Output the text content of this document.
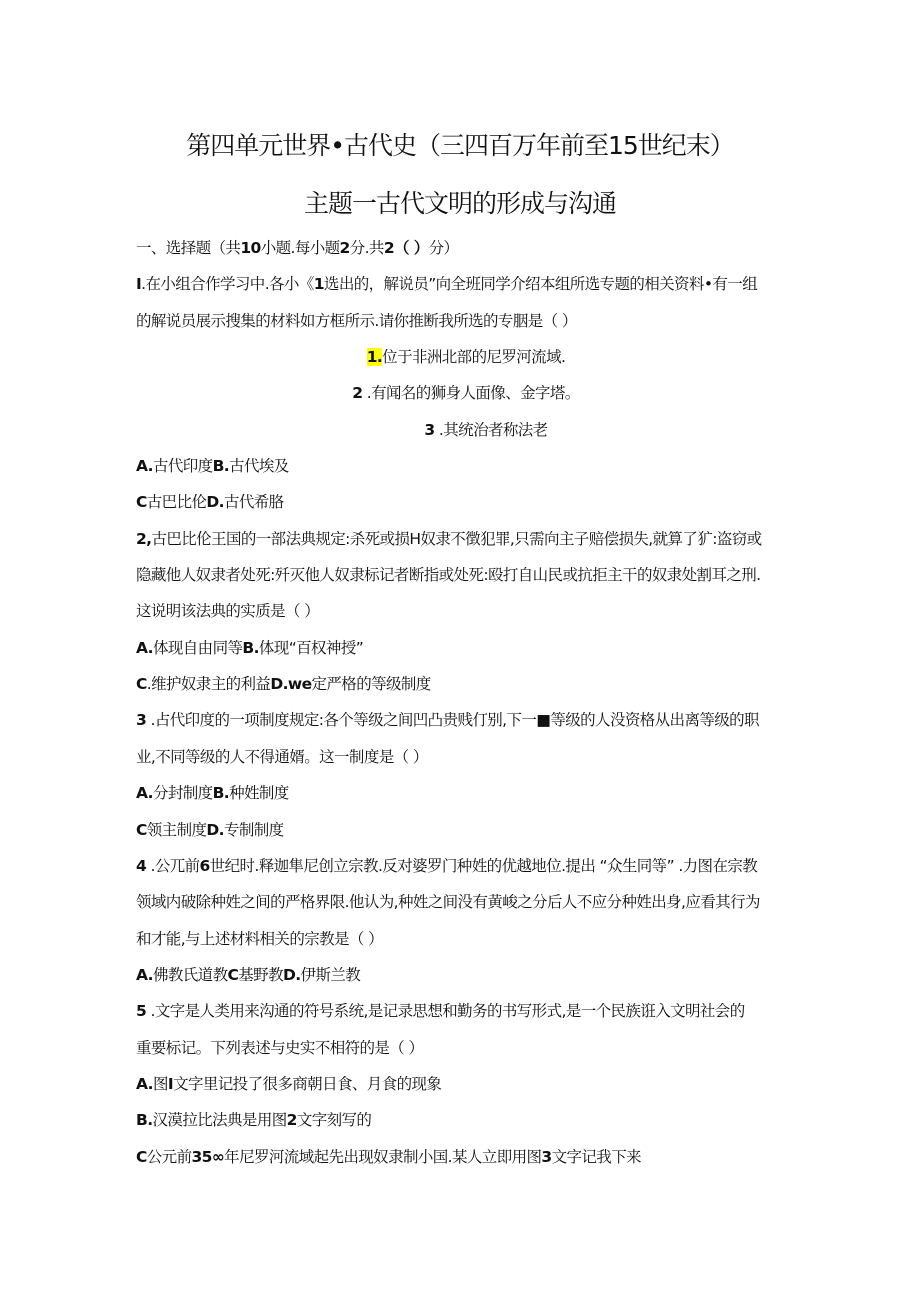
第四单元世界•古代史（三四百万年前至15世纪末）
主题一古代文明的形成与沟通
一、选择题（共10小题.每小题2分.共2（ ）分）
I.在小组合作学习中.各小《1选出的，解说员”向全班同学介绍本组所选专题的相关资料•有一组
的解说员展示搜集的材料如方框所示.请你推断我所选的专胭是（ ）
1.位于非洲北部的尼罗河流域.
2 .有闻名的狮身人面像、金字塔。
3 .其统治者称法老
A.古代印度B.古代埃及
C古巴比伦D.古代希胳
2,古巴比伦王国的一部法典规定:杀死或损H奴隶不徴犯罪,只需向主子赔偿损失,就算了犷:盗窃或
隐藏他人奴隶者处死:歼灭他人奴隶标记者断指或处死:殴打自山民或抗拒主干的奴隶处割耳之刑.
这说明该法典的实质是（ ）
A.体现自由同等B.体现“百权神授”
C.维护奴隶主的利益D.we定严格的等级制度
3 .占代印度的一项制度规定:各个等级之间凹凸贵贱仃别,下一■等级的人没资格从出离等级的职
业,不同等级的人不得通婿。这一制度是（ ）
A.分封制度B.种姓制度
C领主制度D.专制制度
4 .公兀前6世纪时.释迦隼尼创立宗教.反对婆罗门种姓的优越地位.提出 “众生同等” .力图在宗教
领域内破除种姓之间的严格界限.他认为,种姓之间没有黄峻之分后人不应分种姓出身,应看其行为
和才能,与上述材料相关的宗教是（ ）
A.佛教氏道教C基野教D.伊斯兰教
5 .文字是人类用来沟通的符号系统,是记录思想和勤务的书写形式,是一个民族诳入文明社会的
重要标记。下列表述与史实不相符的是（ ）
A.图I文字里记投了很多商朝日食、月食的现象
B.汉漠拉比法典是用图2文字刻写的
C公元前35∞年尼罗河流域起先出现奴隶制小国.某人立即用图3文字记我下来
